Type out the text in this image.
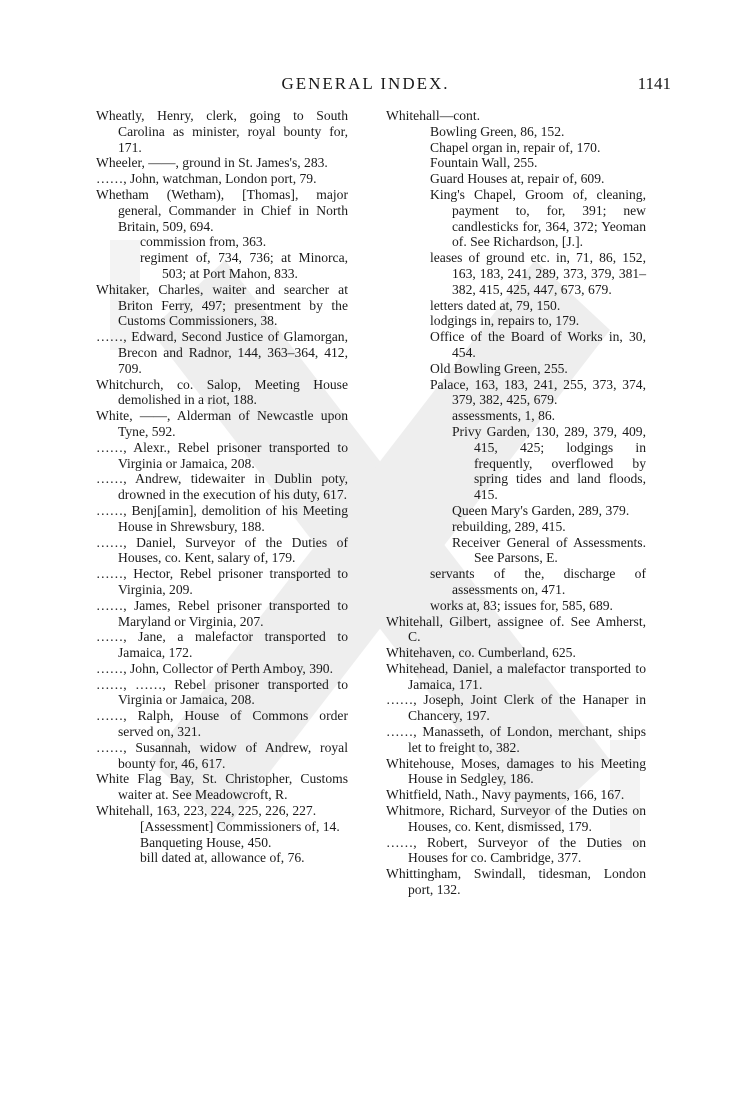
GENERAL INDEX.	1141

Wheatly, Henry, clerk, going to South Carolina as minister, royal bounty for, 171.

Wheeler, ——, ground in St. James's, 283.

……, John, watchman, London port, 79.

Whetham (Wetham), [Thomas], major general, Commander in Chief in North Britain, 509, 694.

commission from, 363.

regiment of, 734, 736; at Minorca, 503; at Port Mahon, 833.

Whitaker, Charles, waiter and searcher at Briton Ferry, 497; presentment by the Customs Commissioners, 38.

……, Edward, Second Justice of Glamorgan, Brecon and Radnor, 144, 363–364, 412, 709.

Whitchurch, co. Salop, Meeting House demolished in a riot, 188.

White, ——, Alderman of Newcastle upon Tyne, 592.

……, Alexr., Rebel prisoner transported to Virginia or Jamaica, 208.

……, Andrew, tidewaiter in Dublin poty, drowned in the execution of his duty, 617.

……, Benj[amin], demolition of his Meeting House in Shrewsbury, 188.

……, Daniel, Surveyor of the Duties of Houses, co. Kent, salary of, 179.

……, Hector, Rebel prisoner transported to Virginia, 209.

……, James, Rebel prisoner transported to Maryland or Virginia, 207.

……, Jane, a malefactor transported to Jamaica, 172.

……, John, Collector of Perth Amboy, 390.

……, ……, Rebel prisoner transported to Virginia or Jamaica, 208.

……, Ralph, House of Commons order served on, 321.

……, Susannah, widow of Andrew, royal bounty for, 46, 617.

White Flag Bay, St. Christopher, Customs waiter at. See Meadowcroft, R.

Whitehall, 163, 223, 224, 225, 226, 227.

[Assessment] Commissioners of, 14.

Banqueting House, 450.

bill dated at, allowance of, 76.

Whitehall—cont.

Bowling Green, 86, 152.

Chapel organ in, repair of, 170.

Fountain Wall, 255.

Guard Houses at, repair of, 609.

King's Chapel, Groom of, cleaning, payment to, for, 391; new candlesticks for, 364, 372; Yeoman of. See Richardson, [J.].

leases of ground etc. in, 71, 86, 152, 163, 183, 241, 289, 373, 379, 381–382, 415, 425, 447, 673, 679.

letters dated at, 79, 150.

lodgings in, repairs to, 179.

Office of the Board of Works in, 30, 454.

Old Bowling Green, 255.

Palace, 163, 183, 241, 255, 373, 374, 379, 382, 425, 679.

assessments, 1, 86.

Privy Garden, 130, 289, 379, 409, 415, 425; lodgings in frequently, overflowed by spring tides and land floods, 415.

Queen Mary's Garden, 289, 379.

rebuilding, 289, 415.

Receiver General of Assessments. See Parsons, E.

servants of the, discharge of assessments on, 471.

works at, 83; issues for, 585, 689.

Whitehall, Gilbert, assignee of. See Amherst, C.

Whitehaven, co. Cumberland, 625.

Whitehead, Daniel, a malefactor transported to Jamaica, 171.

……, Joseph, Joint Clerk of the Hanaper in Chancery, 197.

……, Manasseth, of London, merchant, ships let to freight to, 382.

Whitehouse, Moses, damages to his Meeting House in Sedgley, 186.

Whitfield, Nath., Navy payments, 166, 167.

Whitmore, Richard, Surveyor of the Duties on Houses, co. Kent, dismissed, 179.

……, Robert, Surveyor of the Duties on Houses for co. Cambridge, 377.

Whittingham, Swindall, tidesman, London port, 132.
